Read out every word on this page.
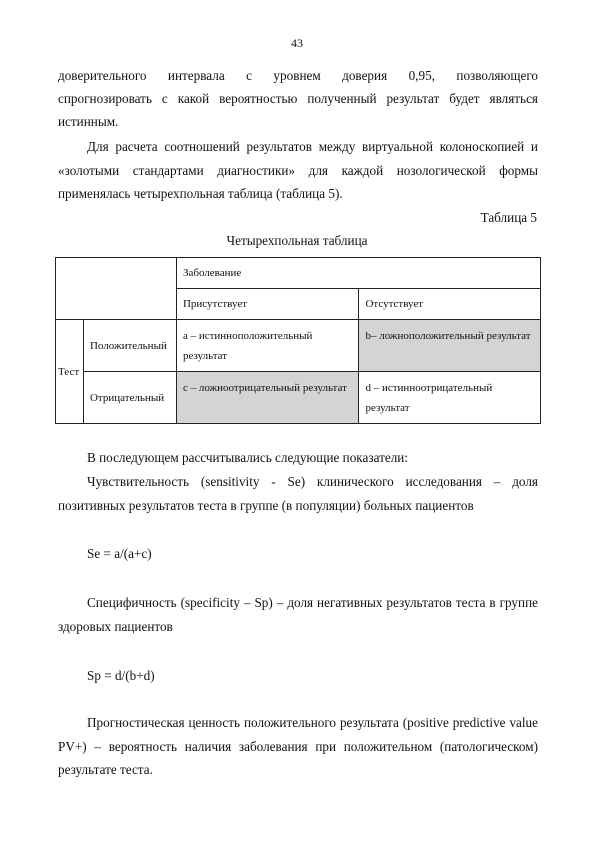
43

доверительного интервала с уровнем доверия 0,95, позволяющего

спрогнозировать с какой вероятностью полученный результат будет являться

истинным.

Для расчета соотношений результатов между виртуальной колоноскопией и «золотыми стандартами диагностики» для каждой нозологической формы применялась четырехпольная таблица (таблица 5).

Таблица 5
Четырехпольная таблица
		Заболевание	
		Присутствует	Отсутствует
Тест	Положительный	a – истинноположительный результат	b– ложноположительный результат
	Отрицательный	c – ложноотрицательный результат	d – истинноотрицательный результат

В последующем рассчитывались следующие показатели:

Чувствительность (sensitivity - Se) клинического исследования – доля позитивных результатов теста в группе (в популяции) больных пациентов

Se = a/(a+c)

Специфичность (specificity – Sp) – доля негативных результатов теста в группе здоровых пациентов

Sp = d/(b+d)

Прогностическая ценность положительного результата (positive predictive value PV+) – вероятность наличия заболевания при положительном (патологическом) результате теста.
